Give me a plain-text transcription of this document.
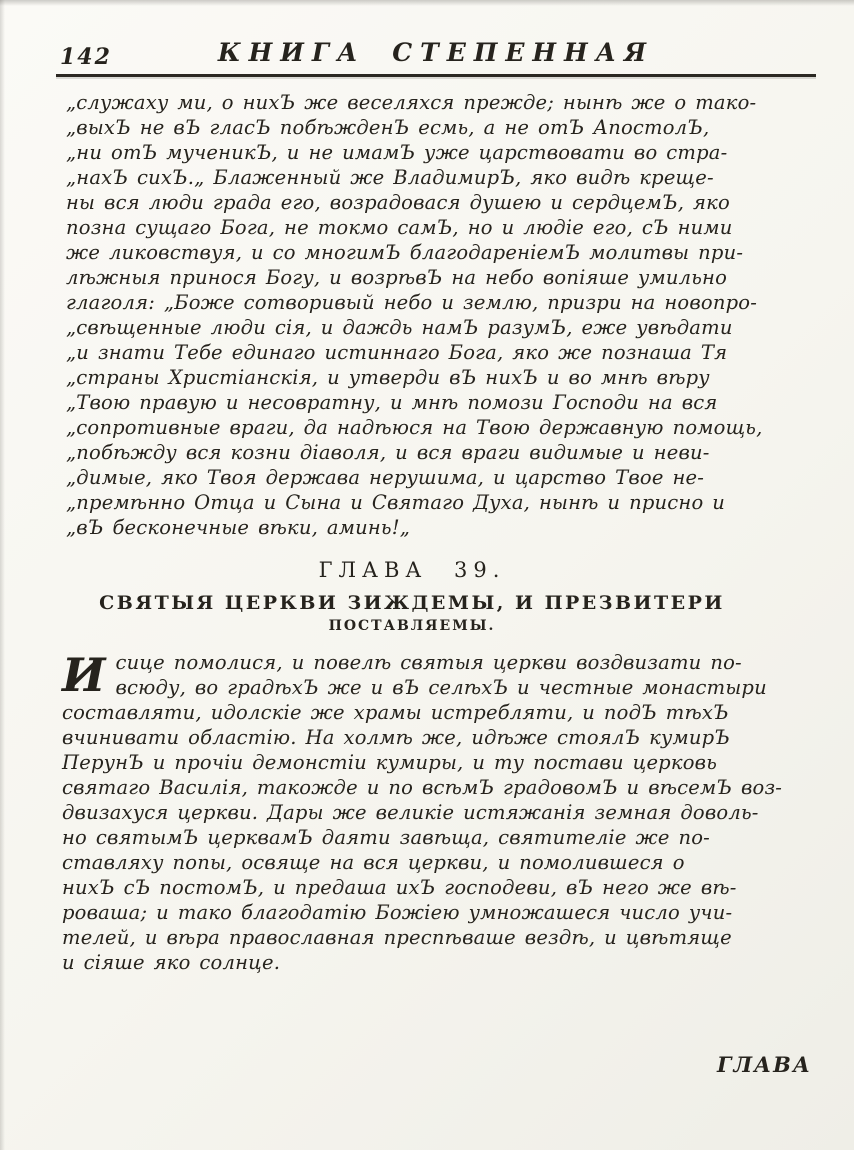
142	КНИГА СТЕПЕННАЯ
„служаху ми, о нихЪ же веселяхся прежде; нынѣ же о тако-
„выхЪ не вЪ гласЪ побѣжденЪ есмь, а не отЪ АпостолЪ,
„ни отЪ мученикЪ, и не имамЪ уже царствовати во стра-
„нахЪ сихЪ.„ Блаженный же ВладимирЪ, яко видѣ креще-
ны вся люди града его, возрадовася душею и сердцемЪ, яко
позна сущаго Бога, не токмо самЪ, но и людіе его, сЪ ними
же ликовствуя, и со многимЪ благодареніемЪ молитвы при-
лѣжныя принося Богу, и возрѣвЪ на небо вопіяше умильно
глаголя: „Боже сотворивый небо и землю, призри на новопро-
„свѣщенные люди сія, и даждь намЪ разумЪ, еже увѣдати
„и знати Тебе единаго истиннаго Бога, яко же познаша Тя
„страны Христіанскія, и утверди вЪ нихЪ и во мнѣ вѣру
„Твою правую и несовратну, и мнѣ помози Господи на вся
„сопротивные враги, да надѣюся на Твою державную помощь,
„побѣжду вся козни діаволя, и вся враги видимые и неви-
„димые, яко Твоя держава нерушима, и царство Твое не-
„премѣнно Отца и Сына и Святаго Духа, нынѣ и присно и
„вЪ бесконечные вѣки, аминь!„
ГЛАВА 39.
СВЯТЫЯ ЦЕРКВИ ЗИЖДЕМЫ, И ПРЕЗВИТЕРИ
ПОСТАВЛЯЕМЫ.
И сице помолися, и повелѣ святыя церкви воздвизати по-
всюду, во градѣхЪ же и вЪ селѣхЪ и честные монастыри
составляти, идолскіе же храмы истребляти, и подЪ тѣхЪ
вчинивати областію. На холмѣ же, идѣже стоялЪ кумирЪ
ПерунЪ и прочіи демонстіи кумиры, и ту постави церковь
святаго Василія, такожде и по всѣмЪ градовомЪ и вѣсемЪ воз-
двизахуся церкви. Дары же великіе истяжанія земная доволь-
но святымЪ церквамЪ даяти завѣща, святителіе же по-
ставляху попы, освяще на вся церкви, и помолившеся о
нихЪ сЪ постомЪ, и предаша ихЪ господеви, вЪ него же вѣ-
роваша; и тако благодатію Божіею умножашеся число учи-
телей, и вѣра православная преспѣваше вездѣ, и цвѣтяще
и сіяше яко солнце.
ГЛАВА
